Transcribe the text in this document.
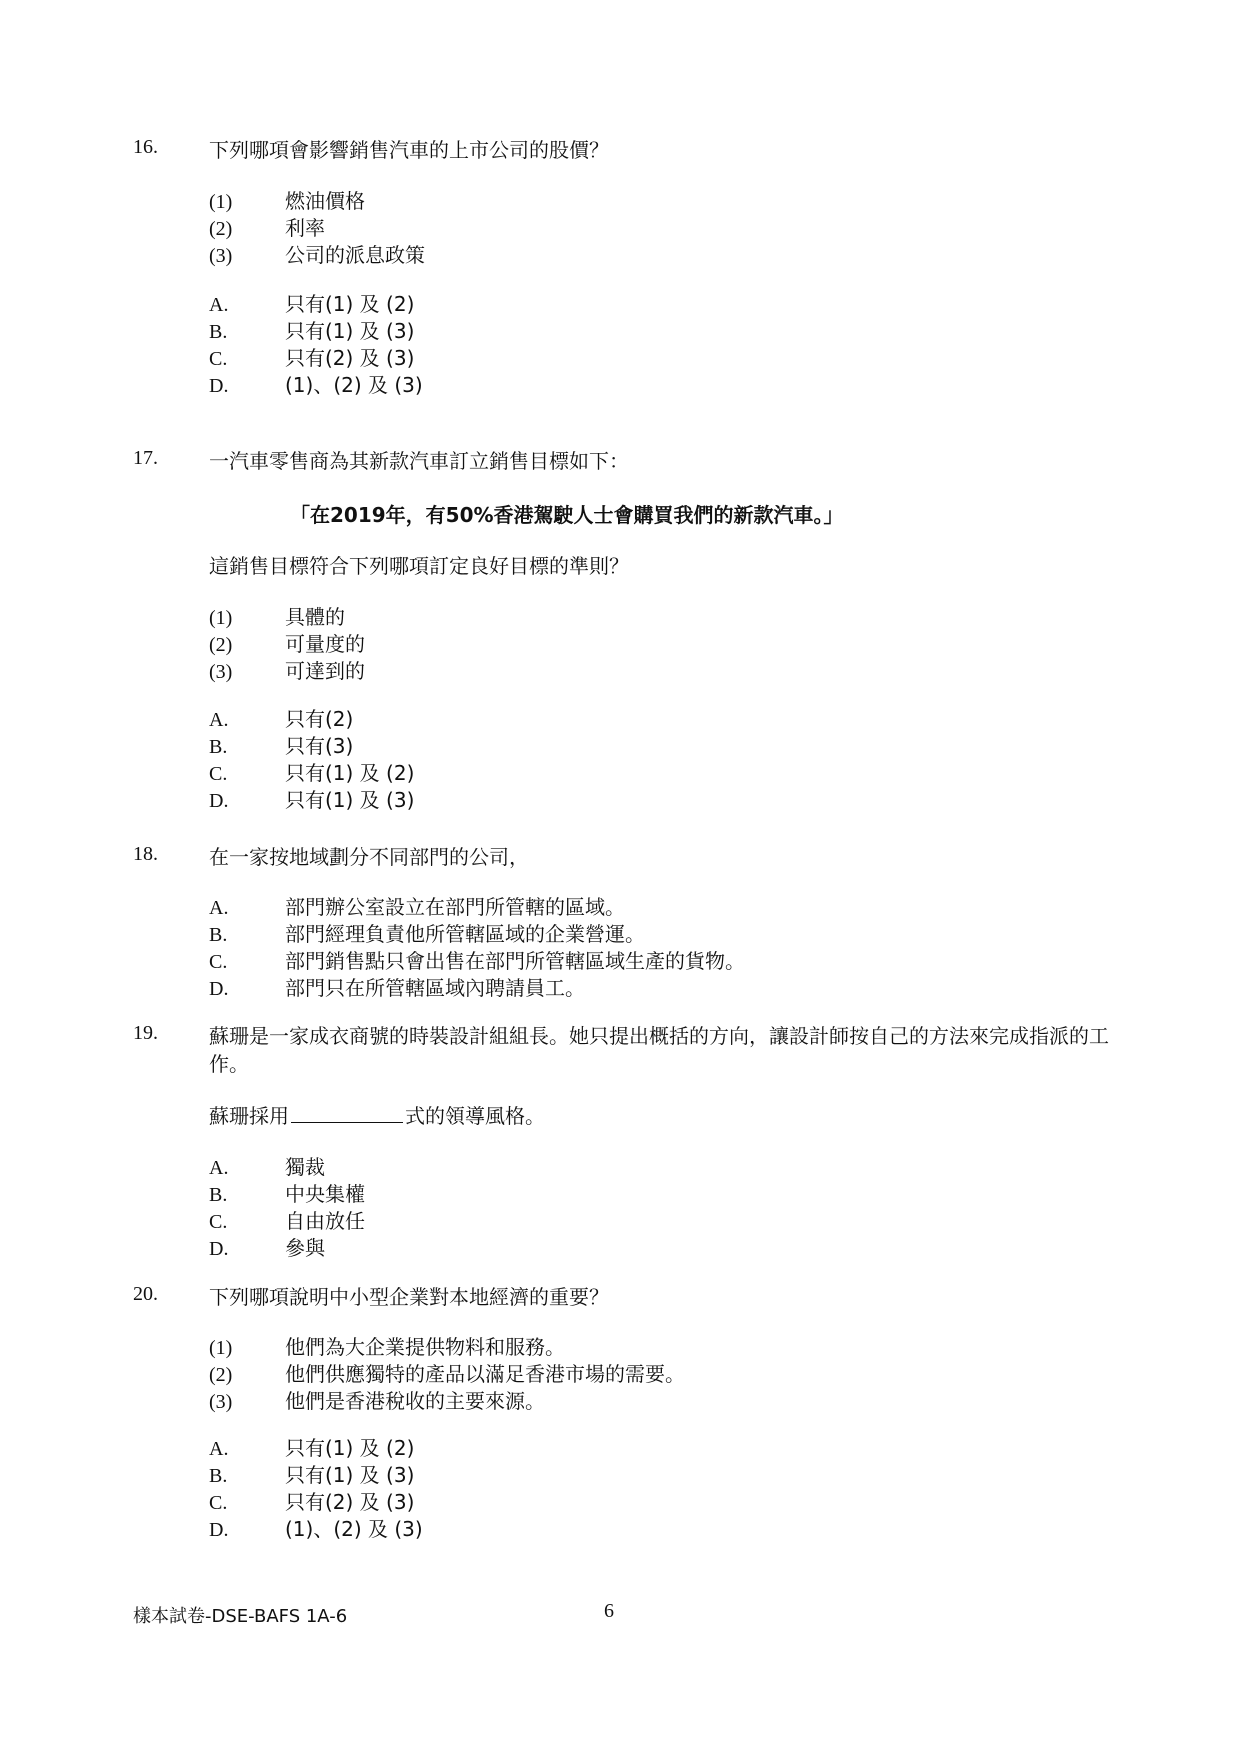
16.	下列哪項會影響銷售汽車的上市公司的股價？
(1)	燃油價格
(2)	利率
(3)	公司的派息政策
A.	只有(1) 及 (2)
B.	只有(1) 及 (3)
C.	只有(2) 及 (3)
D.	(1)、(2) 及 (3)
17.	一汽車零售商為其新款汽車訂立銷售目標如下：
「在2019年，有50%香港駕駛人士會購買我們的新款汽車。」
這銷售目標符合下列哪項訂定良好目標的準則？
(1)	具體的
(2)	可量度的
(3)	可達到的
A.	只有(2)
B.	只有(3)
C.	只有(1) 及 (2)
D.	只有(1) 及 (3)
18.	在一家按地域劃分不同部門的公司，
A.	部門辦公室設立在部門所管轄的區域。
B.	部門經理負責他所管轄區域的企業營運。
C.	部門銷售點只會出售在部門所管轄區域生產的貨物。
D.	部門只在所管轄區域內聘請員工。
19.	蘇珊是一家成衣商號的時裝設計組組長。她只提出概括的方向，讓設計師按自己的方法來完成指派的工作。
蘇珊採用	式的領導風格。
A.	獨裁
B.	中央集權
C.	自由放任
D.	參與
20.	下列哪項說明中小型企業對本地經濟的重要？
(1)	他們為大企業提供物料和服務。
(2)	他們供應獨特的產品以滿足香港市場的需要。
(3)	他們是香港稅收的主要來源。
A.	只有(1) 及 (2)
B.	只有(1) 及 (3)
C.	只有(2) 及 (3)
D.	(1)、(2) 及 (3)
樣本試卷-DSE-BAFS 1A-6	6
